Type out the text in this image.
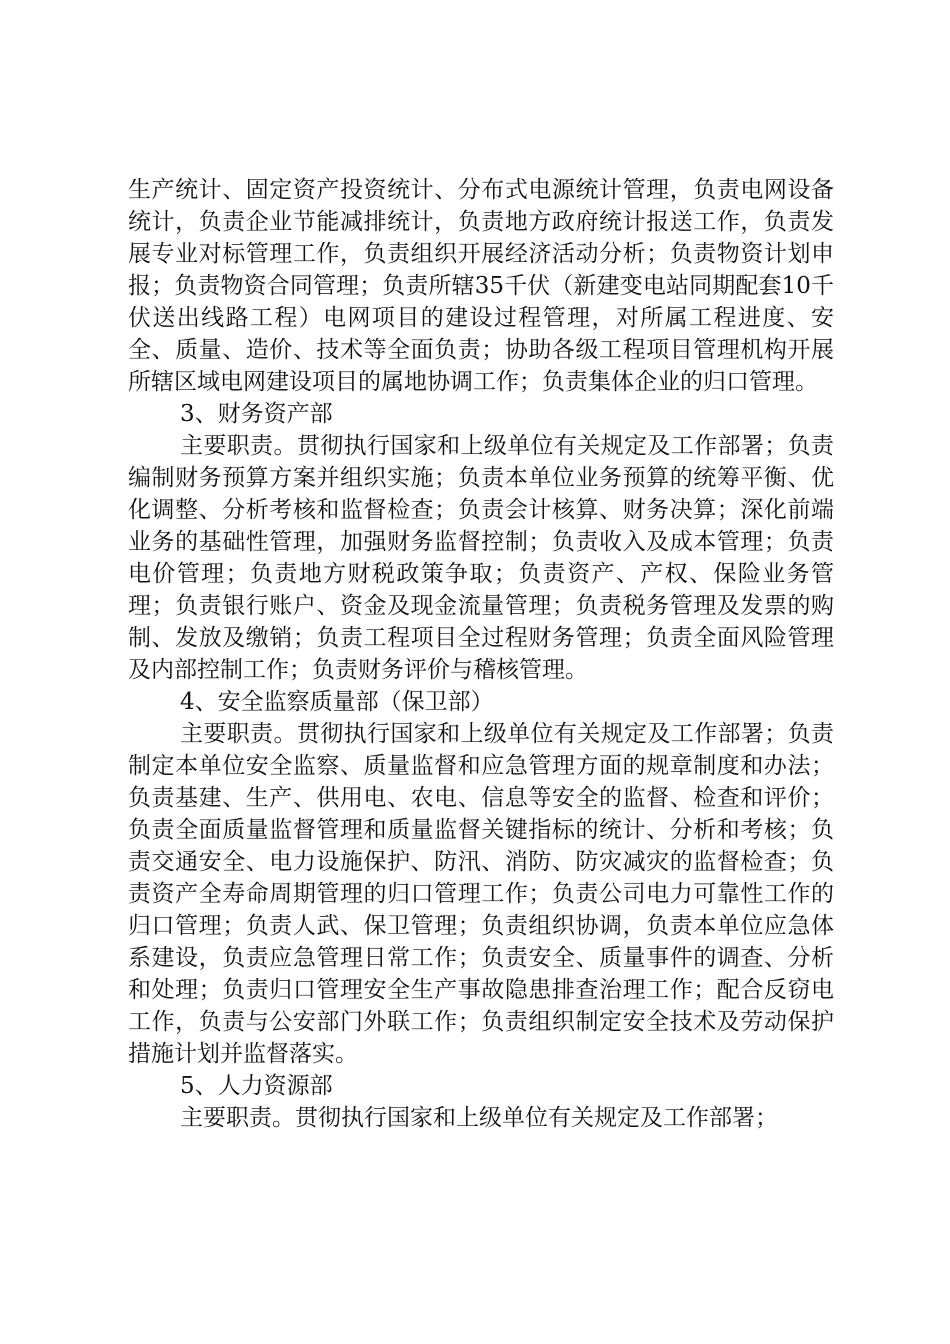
生产统计、固定资产投资统计、分布式电源统计管理，负责电网设备统计，负责企业节能减排统计，负责地方政府统计报送工作，负责发展专业对标管理工作，负责组织开展经济活动分析；负责物资计划申报；负责物资合同管理；负责所辖35千伏（新建变电站同期配套10千伏送出线路工程）电网项目的建设过程管理，对所属工程进度、安全、质量、造价、技术等全面负责；协助各级工程项目管理机构开展所辖区域电网建设项目的属地协调工作；负责集体企业的归口管理。

3、财务资产部

主要职责。贯彻执行国家和上级单位有关规定及工作部署；负责编制财务预算方案并组织实施；负责本单位业务预算的统筹平衡、优化调整、分析考核和监督检查；负责会计核算、财务决算；深化前端业务的基础性管理，加强财务监督控制；负责收入及成本管理；负责电价管理；负责地方财税政策争取；负责资产、产权、保险业务管理；负责银行账户、资金及现金流量管理；负责税务管理及发票的购制、发放及缴销；负责工程项目全过程财务管理；负责全面风险管理及内部控制工作；负责财务评价与稽核管理。

4、安全监察质量部（保卫部）

主要职责。贯彻执行国家和上级单位有关规定及工作部署；负责制定本单位安全监察、质量监督和应急管理方面的规章制度和办法；负责基建、生产、供用电、农电、信息等安全的监督、检查和评价；负责全面质量监督管理和质量监督关键指标的统计、分析和考核；负责交通安全、电力设施保护、防汛、消防、防灾减灾的监督检查；负责资产全寿命周期管理的归口管理工作；负责公司电力可靠性工作的归口管理；负责人武、保卫管理；负责组织协调，负责本单位应急体系建设，负责应急管理日常工作；负责安全、质量事件的调查、分析和处理；负责归口管理安全生产事故隐患排查治理工作；配合反窃电工作，负责与公安部门外联工作；负责组织制定安全技术及劳动保护措施计划并监督落实。

5、人力资源部

主要职责。贯彻执行国家和上级单位有关规定及工作部署；
